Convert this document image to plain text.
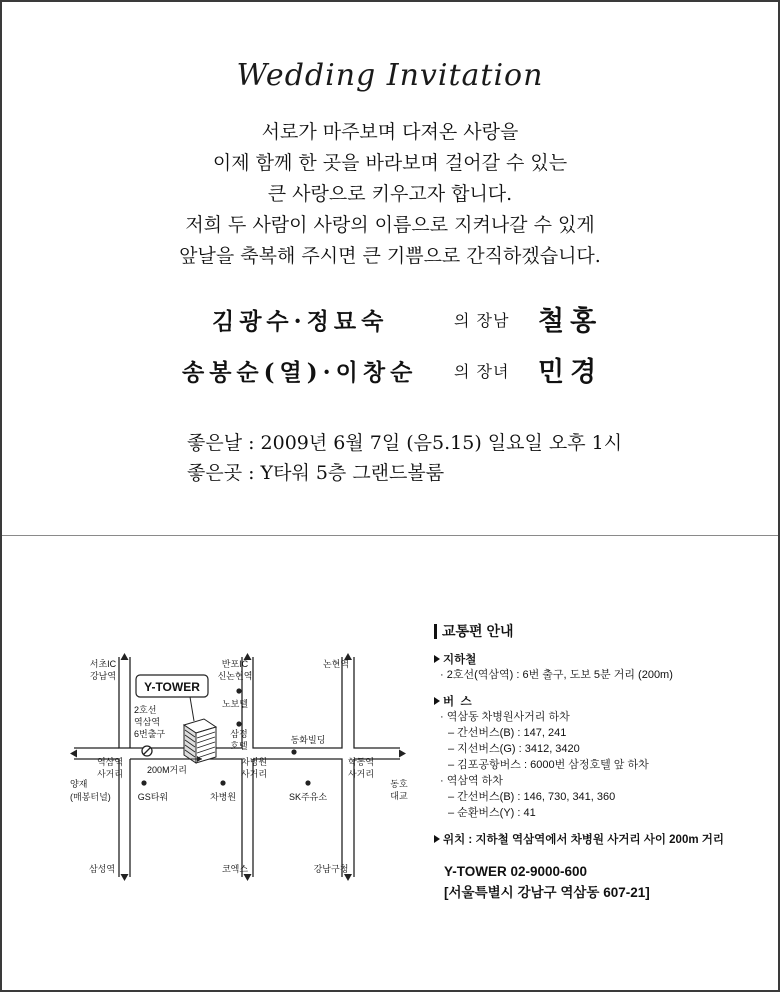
Wedding Invitation
서로가 마주보며 다져온 사랑을
이제 함께 한 곳을 바라보며 걸어갈 수 있는
큰 사랑으로 키우고자 합니다.
저희 두 사람이 사랑의 이름으로 지켜나갈 수 있게
앞날을 축복해 주시면 큰 기쁨으로 간직하겠습니다.
김광수·정묘숙	의 장남 철홍
송봉순(열)·이창순 의 장녀 민경
좋은날 : 2009년 6월 7일 (음5.15) 일요일 오후 1시
좋은곳 : Y타워 5층 그랜드볼룸
Y-TOWER
서초IC
강남역
반포IC
신논현역
논현역
노보텔
삼정
호텔
2호선
역삼역
6번출구
동화빌딩
역삼역
사거리	200M거리
차병원
사거리
학동역
사거리
양재
(매봉터널)	GS타워	차병원	SK주유소
동호
대교
삼성역	코엑스	강남구청
교통편 안내
지하철
· 2호선(역삼역) : 6번 출구, 도보 5분 거리 (200m)
버  스
· 역삼동 차병원사거리 하차
– 간선버스(B) : 147, 241
– 지선버스(G) : 3412, 3420
– 김포공항버스 : 6000번 삼정호텔 앞 하차
· 역삼역 하차
– 간선버스(B) : 146, 730, 341, 360
– 순환버스(Y) : 41
위치 : 지하철 역삼역에서 차병원 사거리 사이 200m 거리
Y-TOWER 02-9000-600
[서울특별시 강남구 역삼동 607-21]
